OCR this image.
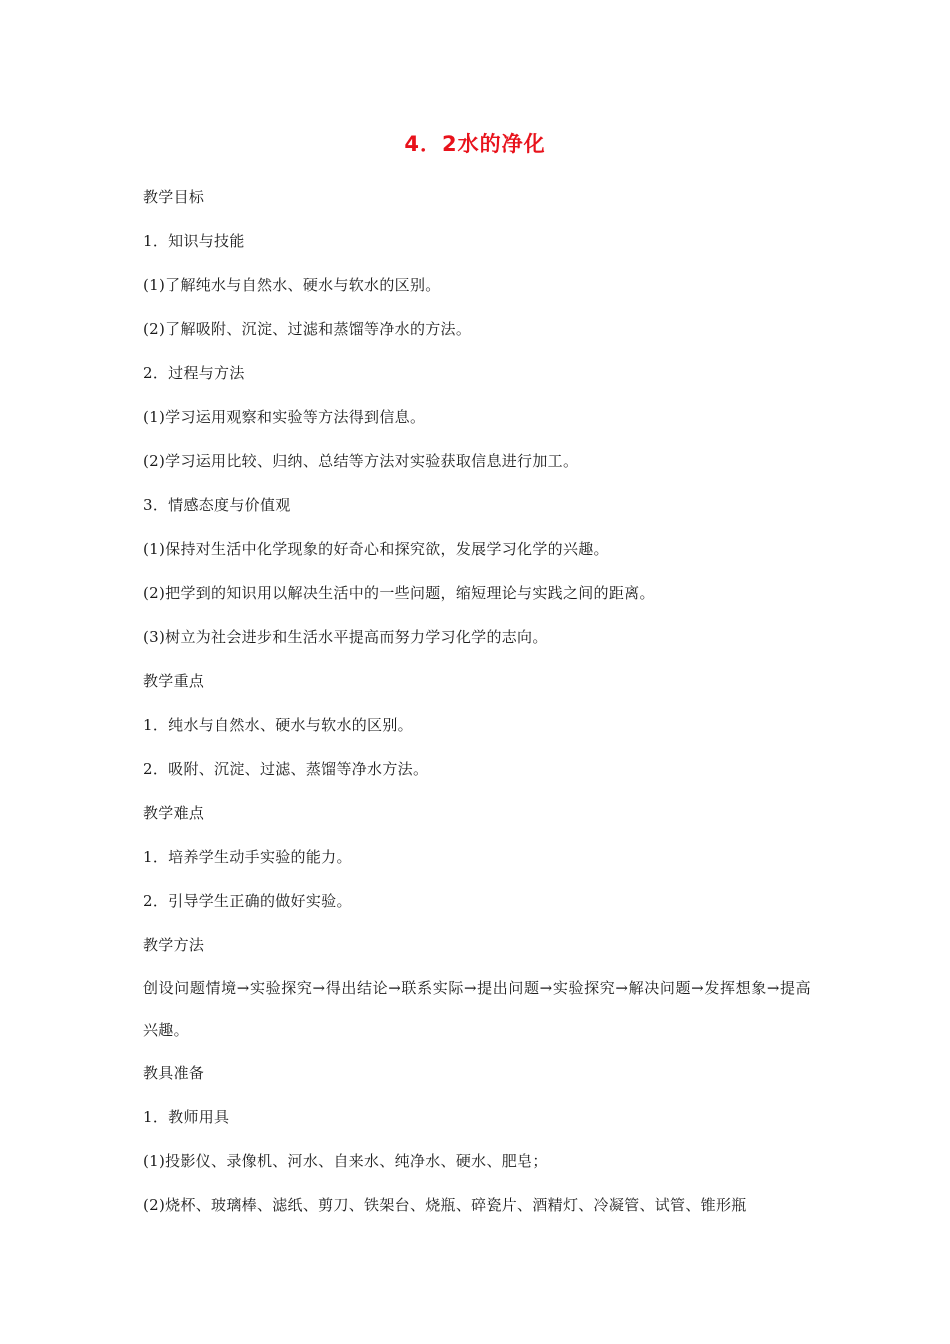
4．2水的净化
教学目标
1．知识与技能
(1)了解纯水与自然水、硬水与软水的区别。
(2)了解吸附、沉淀、过滤和蒸馏等净水的方法。
2．过程与方法
(1)学习运用观察和实验等方法得到信息。
(2)学习运用比较、归纳、总结等方法对实验获取信息进行加工。
3．情感态度与价值观
(1)保持对生活中化学现象的好奇心和探究欲，发展学习化学的兴趣。
(2)把学到的知识用以解决生活中的一些问题，缩短理论与实践之间的距离。
(3)树立为社会进步和生活水平提高而努力学习化学的志向。
教学重点
1．纯水与自然水、硬水与软水的区别。
2．吸附、沉淀、过滤、蒸馏等净水方法。
教学难点
1．培养学生动手实验的能力。
2．引导学生正确的做好实验。
教学方法
创设问题情境→实验探究→得出结论→联系实际→提出问题→实验探究→解决问题→发挥想象→提高兴趣。
教具准备
1．教师用具
(1)投影仪、录像机、河水、自来水、纯净水、硬水、肥皂；
(2)烧杯、玻璃棒、滤纸、剪刀、铁架台、烧瓶、碎瓷片、酒精灯、冷凝管、试管、锥形瓶
